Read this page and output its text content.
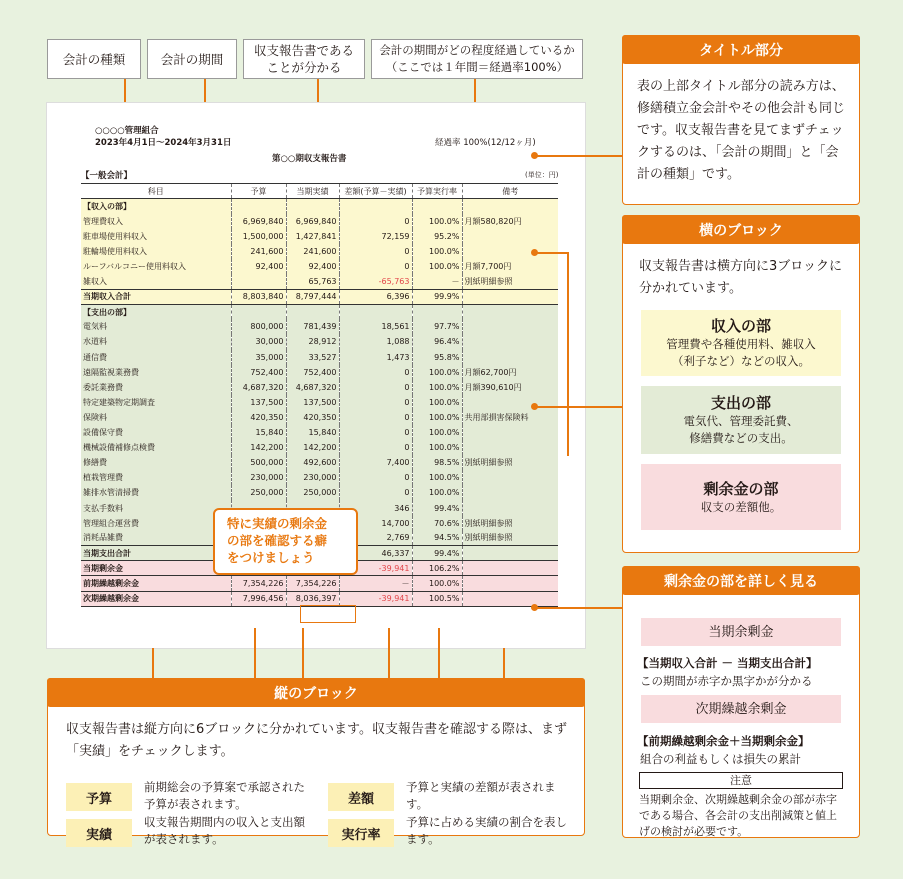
会計の種類	会計の期間
収支報告書である
ことが分かる
会計の期間がどの程度経過しているか
（ここでは１年間＝経過率100%）
○○○○管理組合
2023年4月1日～2024年3月31日	経過率 100%(12/12ヶ月)
第○○期収支報告書
【一般会計】	(単位：円)
科目	予算	当期実績	差額(予算－実績)	予算実行率	備考
【収入の部】					
管理費収入	6,969,840	6,969,840	0	100.0%	月額580,820円
駐車場使用料収入	1,500,000	1,427,841	72,159	95.2%	
駐輪場使用料収入	241,600	241,600	0	100.0%	
ルーフバルコニー使用料収入	92,400	92,400	0	100.0%	月額7,700円
雑収入		65,763	-65,763	－	別紙明細参照
当期収入合計	8,803,840	8,797,444	6,396	99.9%	
【支出の部】					
電気料	800,000	781,439	18,561	97.7%	
水道料	30,000	28,912	1,088	96.4%	
通信費	35,000	33,527	1,473	95.8%	
遠隔監視業務費	752,400	752,400	0	100.0%	月額62,700円
委託業務費	4,687,320	4,687,320	0	100.0%	月額390,610円
特定建築物定期調査	137,500	137,500	0	100.0%	
保険料	420,350	420,350	0	100.0%	共用部損害保険料
設備保守費	15,840	15,840	0	100.0%	
機械設備補修点検費	142,200	142,200	0	100.0%	
修繕費	500,000	492,600	7,400	98.5%	別紙明細参照
植栽管理費	230,000	230,000	0	100.0%	
雑排水管清掃費	250,000	250,000	0	100.0%	
支払手数料			346	99.4%	
管理組合運営費			14,700	70.6%	別紙明細参照
消耗品雑費			2,769	94.5%	別紙明細参照
当期支出合計			46,337	99.4%	
当期剰余金			-39,941	106.2%	
前期繰越剰余金	7,354,226	7,354,226	－	100.0%	
次期繰越剰余金	7,996,456	8,036,397	-39,941	100.5%	
特に実績の剰余金
の部を確認する癖
をつけましょう
タイトル部分
表の上部タイトル部分の読み方は、修繕積立金会計やその他会計も同じです。収支報告書を見てまずチェックするのは、「会計の期間」と「会計の種類」です。
横のブロック
収支報告書は横方向に3ブロックに分かれています。
収入の部
管理費や各種使用料、雑収入
（利子など）などの収入。
支出の部
電気代、管理委託費、
修繕費などの支出。
剰余金の部
収支の差額他。
剰余金の部を詳しく見る
当期余剰金
【当期収入合計 － 当期支出合計】
この期間が赤字か黒字かが分かる
次期繰越余剰金
【前期繰越剰余金＋当期剰余金】
組合の利益もしくは損失の累計
注意
当期剰余金、次期繰越剰余金の部が赤字である場合、各会計の支出削減策と値上げの検討が必要です。
縦のブロック
収支報告書は縦方向に6ブロックに分かれています。収支報告書を確認する際は、まず「実績」をチェックします。
予算
前期総会の予算案で承認された予算が表されます。
実績
収支報告期間内の収入と支出額が表されます。
差額
予算と実績の差額が表されます。
実行率
予算に占める実績の割合を表します。
